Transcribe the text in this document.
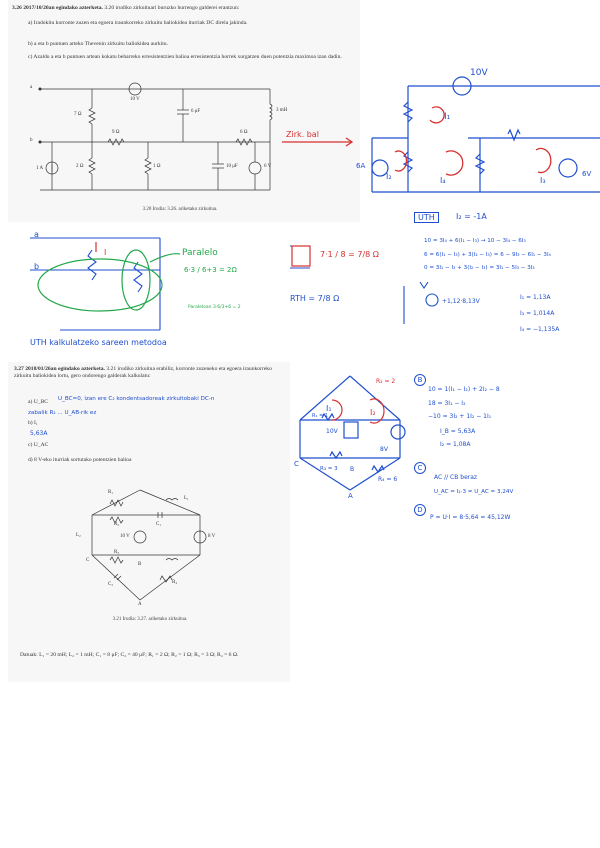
3.26 2017/10/20an egindako azterketa. 3.20 irudiko zirkuituari buruzko hurrengo galderei erantzun:
a) Iradokitu korronte zuzen eta egoera iraunkorreko zirkuitu baliokidea iturriak DC direla jakinda.
b) a eta b puntuen arteko Thevenin zirkuitu baliokidea aurkitu.
c) Azaldu a eta b puntuen artean kokatu beharreko erresistentzien balioa erresistentzia horrek xurgatzen duen potentzia maximoa izan dadin.
a
b
7 Ω
10 V
6 μF	3 mH
9 Ω	6 Ω
1 A	2 Ω	1 Ω	10 μF	6 V
3.20 Irudia: 3.26. ariketako zirkuitua.
10V
I₁
I₂	I₄	I₃
Zirk. bal
6A
6V
UTH	I₂ = -1A
10 = 3I₄ + 6(I₁ − I₃) → 10 − 3I₄ − 6I₃
6 = 6(I₁ − I₃) + 3(I₂ − I₃) = 6 − 9I₃ − 6I₁ − 3I₄
0 = 3I₁ − I₃ + 3(I₂ − I₃) = 3I₁ − 5I₃ − 3I₃
a
b
I	Paralelo
6·3 / 6+3 = 2Ω
Paraleloan 3·6/3+6 = 2
7·1 / 8 = 7/8 Ω
RTH = 7/8 Ω	+1,12·8,13V
I₁ = 1,13A
I₃ = 1,014A
I₄ = −1,135A
UTH kalkulatzeko sareen metodoa
3.27 2018/01/26an egindako azterketa. 3.21 irudiko zirkuitua erabiliz, korronte zuzeneko eta egoera iraunkorreko zirkuitu baliokidea lortu, gero ondorengo galderak kalkulatu:
a) U_BC U_BC=0, izan ere C₂ kondentsadoreak zirkuitobaki DC-n
zabalik R₂ ... U_AB-rik ez
b) I₁
5,63A
c) U_AC
d) 8 V-eko iturriak sortutako potentzien balioa
R₁
L₁
C₁
R₂
L₂	10 V	8 V
R₃
C
B
C₂	R₄
A
3.21 Irudia: 3.27. ariketako zirkuitua.
Datuak: L₁ = 20 mH; L₂ = 1 mH; C₁ = 8 μF; C₂ = 40 μF; R₁ = 2 Ω; R₂ = 1 Ω; R₃ = 3 Ω; R₄ = 6 Ω.
R₂ = 2
I₁	I₂
R₁ = 1
10V
8V
C
R₃ = 3 B
R₄ = 6
A
B
10 = 1(I₁ − I₂) + 2I₂ − 8
18 = 3I₁ − I₂
−10 = 3I₂ + 1I₂ − 1I₁
I_B = 5,63A
I₂ = 1,08A
C
AC // CB beraz
U_AC = I₂·3 = U_AC = 3,24V
D
P = U·I = 8·5,64 = 45,12W
